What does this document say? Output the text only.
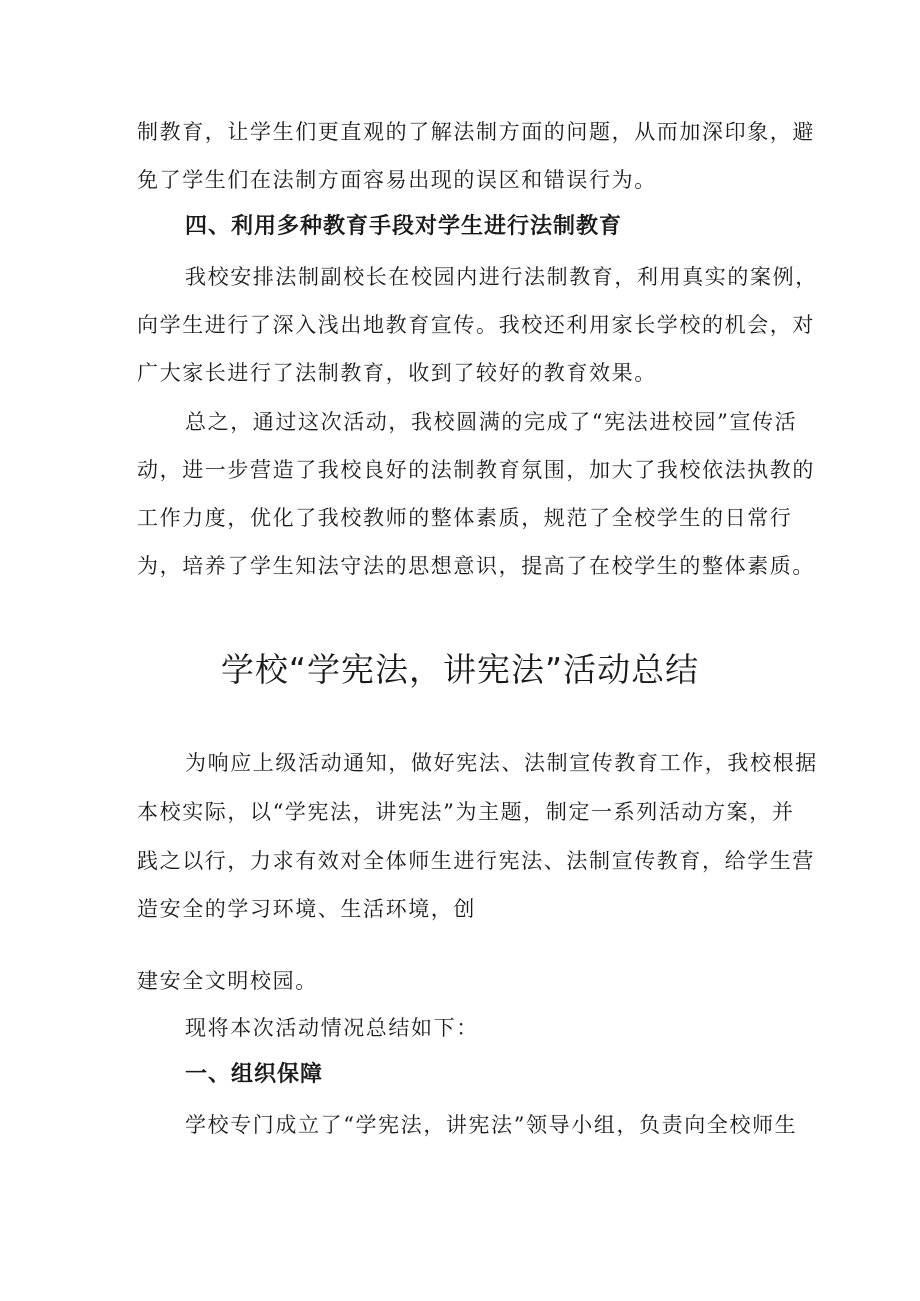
制教育，让学生们更直观的了解法制方面的问题，从而加深印象，避
免了学生们在法制方面容易出现的误区和错误行为。
四、利用多种教育手段对学生进行法制教育
我校安排法制副校长在校园内进行法制教育，利用真实的案例，
向学生进行了深入浅出地教育宣传。我校还利用家长学校的机会，对
广大家长进行了法制教育，收到了较好的教育效果。
总之，通过这次活动，我校圆满的完成了“宪法进校园”宣传活
动，进一步营造了我校良好的法制教育氛围，加大了我校依法执教的
工作力度，优化了我校教师的整体素质，规范了全校学生的日常行
为，培养了学生知法守法的思想意识，提高了在校学生的整体素质。
学校“学宪法，讲宪法”活动总结
为响应上级活动通知，做好宪法、法制宣传教育工作，我校根据
本校实际，以“学宪法，讲宪法”为主题，制定一系列活动方案，并
践之以行，力求有效对全体师生进行宪法、法制宣传教育，给学生营
造安全的学习环境、生活环境，创
建安全文明校园。
现将本次活动情况总结如下：
一、组织保障
学校专门成立了“学宪法，讲宪法”领导小组，负责向全校师生
